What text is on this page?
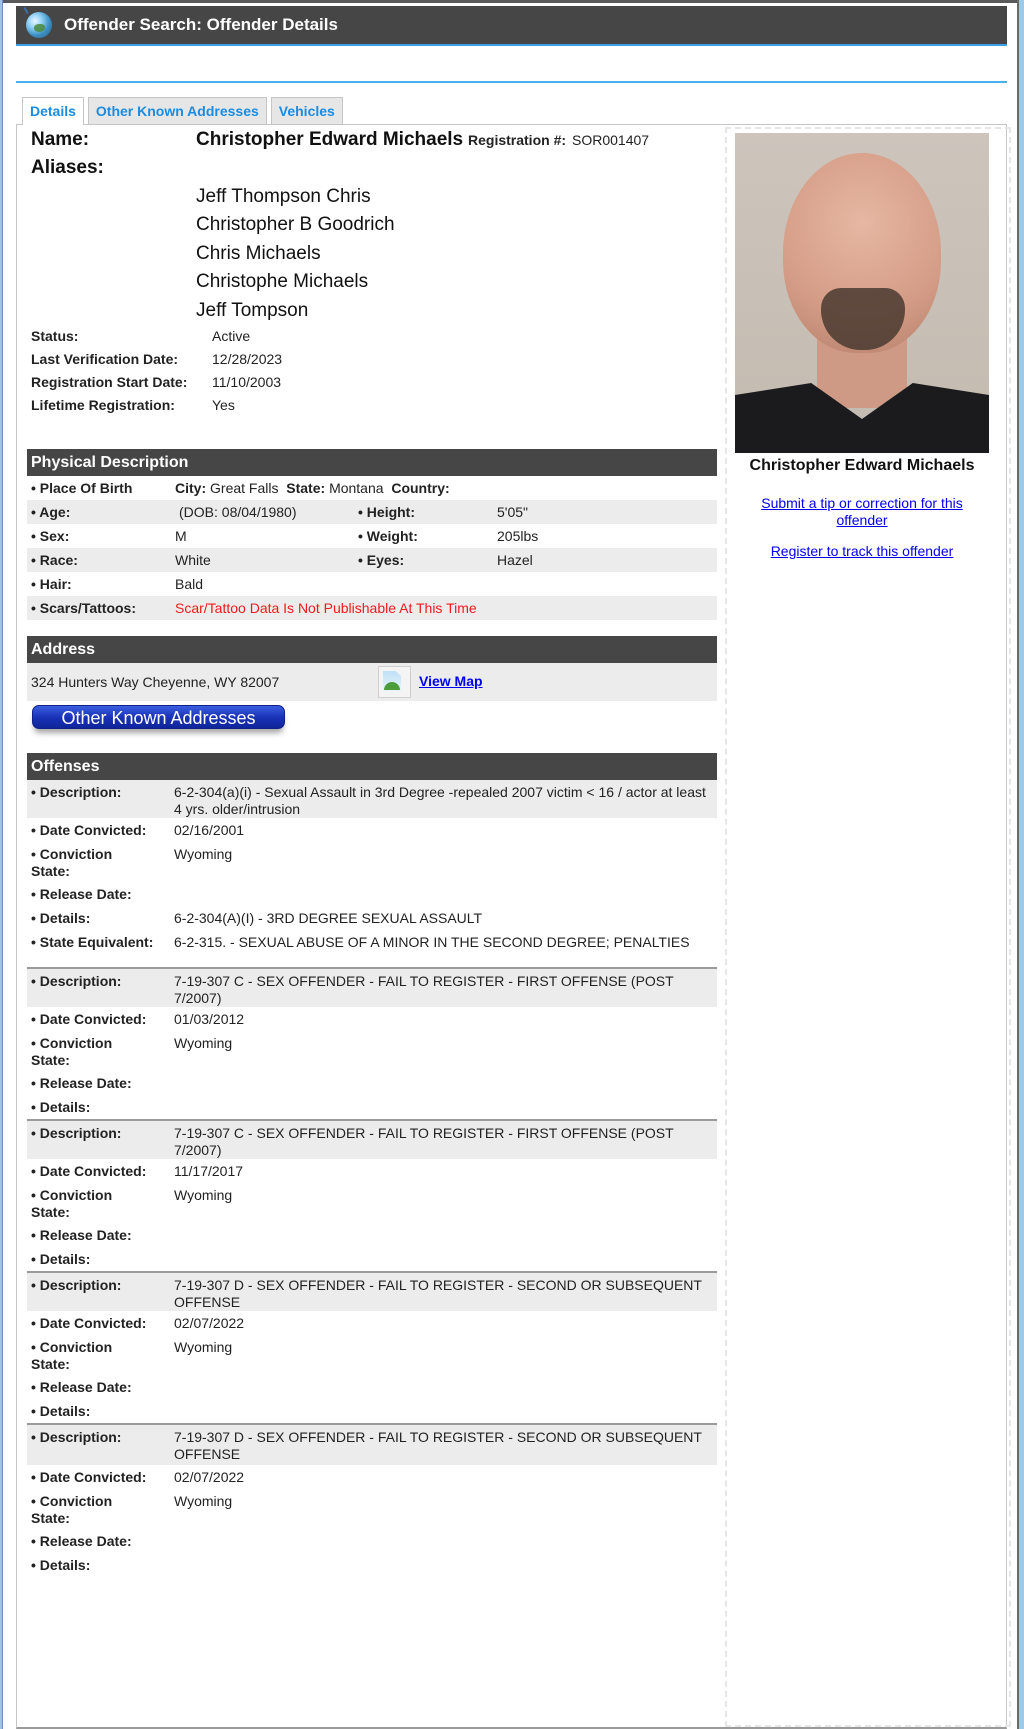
Offender Search: Offender Details
Details	Other Known Addresses	Vehicles
Name:	Christopher Edward Michaels Registration #: SOR001407
Aliases:
Jeff Thompson Chris
Christopher B Goodrich
Chris Michaels
Christophe Michaels
Jeff Tompson
Status:	Active
Last Verification Date: 12/28/2023
Registration Start Date: 11/10/2003
Lifetime Registration:	Yes
Physical Description
• Place Of Birth	City: Great Falls State: Montana Country:
• Age:	(DOB: 08/04/1980)	• Height:	5'05"
• Sex:	M	• Weight:	205lbs
• Race:	White	• Eyes:	Hazel
• Hair:	Bald
• Scars/Tattoos:	Scar/Tattoo Data Is Not Publishable At This Time
Address
324 Hunters Way Cheyenne, WY 82007	View Map
Other Known Addresses
Offenses
• Description:	6-2-304(a)(i) - Sexual Assault in 3rd Degree -repealed 2007 victim < 16 / actor at least 4 yrs. older/intrusion
• Date Convicted:	02/16/2001
• Conviction State:
Wyoming
• Release Date:
• Details:	6-2-304(A)(I) - 3RD DEGREE SEXUAL ASSAULT
• State Equivalent:	6-2-315. - SEXUAL ABUSE OF A MINOR IN THE SECOND DEGREE; PENALTIES
• Description:	7-19-307 C - SEX OFFENDER - FAIL TO REGISTER - FIRST OFFENSE (POST 7/2007)
• Date Convicted:	01/03/2012
• Conviction State:
Wyoming
• Release Date:
• Details:
• Description:	7-19-307 C - SEX OFFENDER - FAIL TO REGISTER - FIRST OFFENSE (POST 7/2007)
• Date Convicted:	11/17/2017
• Conviction State:
Wyoming
• Release Date:
• Details:
• Description:	7-19-307 D - SEX OFFENDER - FAIL TO REGISTER - SECOND OR SUBSEQUENT OFFENSE
• Date Convicted:	02/07/2022
• Conviction State:
Wyoming
• Release Date:
• Details:
• Description:	7-19-307 D - SEX OFFENDER - FAIL TO REGISTER - SECOND OR SUBSEQUENT OFFENSE
• Date Convicted:	02/07/2022
• Conviction State:
Wyoming
• Release Date:
• Details:
Christopher Edward Michaels
Submit a tip or correction for this offender
Register to track this offender
